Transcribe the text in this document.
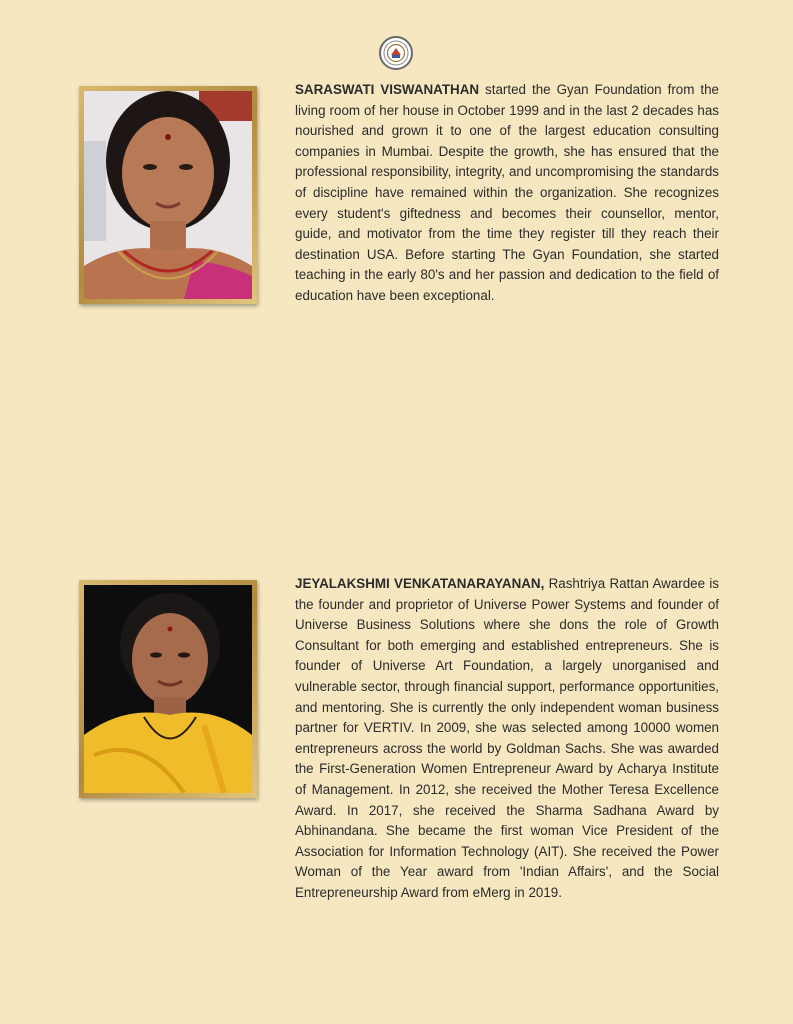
SARASWATI VISWANATHAN started the Gyan Foundation from the living room of her house in October 1999 and in the last 2 decades has nourished and grown it to one of the largest education consulting companies in Mumbai. Despite the growth, she has ensured that the professional responsibility, integrity, and uncompromising the standards of discipline have remained within the organization. She recognizes every student's giftedness and becomes their counsellor, mentor, guide, and motivator from the time they register till they reach their destination USA. Before starting The Gyan Foundation, she started teaching in the early 80's and her passion and dedication to the field of education have been exceptional.

JEYALAKSHMI VENKATANARAYANAN, Rashtriya Rattan Awardee is the founder and proprietor of Universe Power Systems and founder of Universe Business Solutions where she dons the role of Growth Consultant for both emerging and established entrepreneurs. She is founder of Universe Art Foundation, a largely unorganised and vulnerable sector, through financial support, performance opportunities, and mentoring. She is currently the only independent woman business partner for VERTIV. In 2009, she was selected among 10000 women entrepreneurs across the world by Goldman Sachs. She was awarded the First-Generation Women Entrepreneur Award by Acharya Institute of Management. In 2012, she received the Mother Teresa Excellence Award. In 2017, she received the Sharma Sadhana Award by Abhinandana. She became the first woman Vice President of the Association for Information Technology (AIT). She received the Power Woman of the Year award from 'Indian Affairs', and the Social Entrepreneurship Award from eMerg in 2019.
